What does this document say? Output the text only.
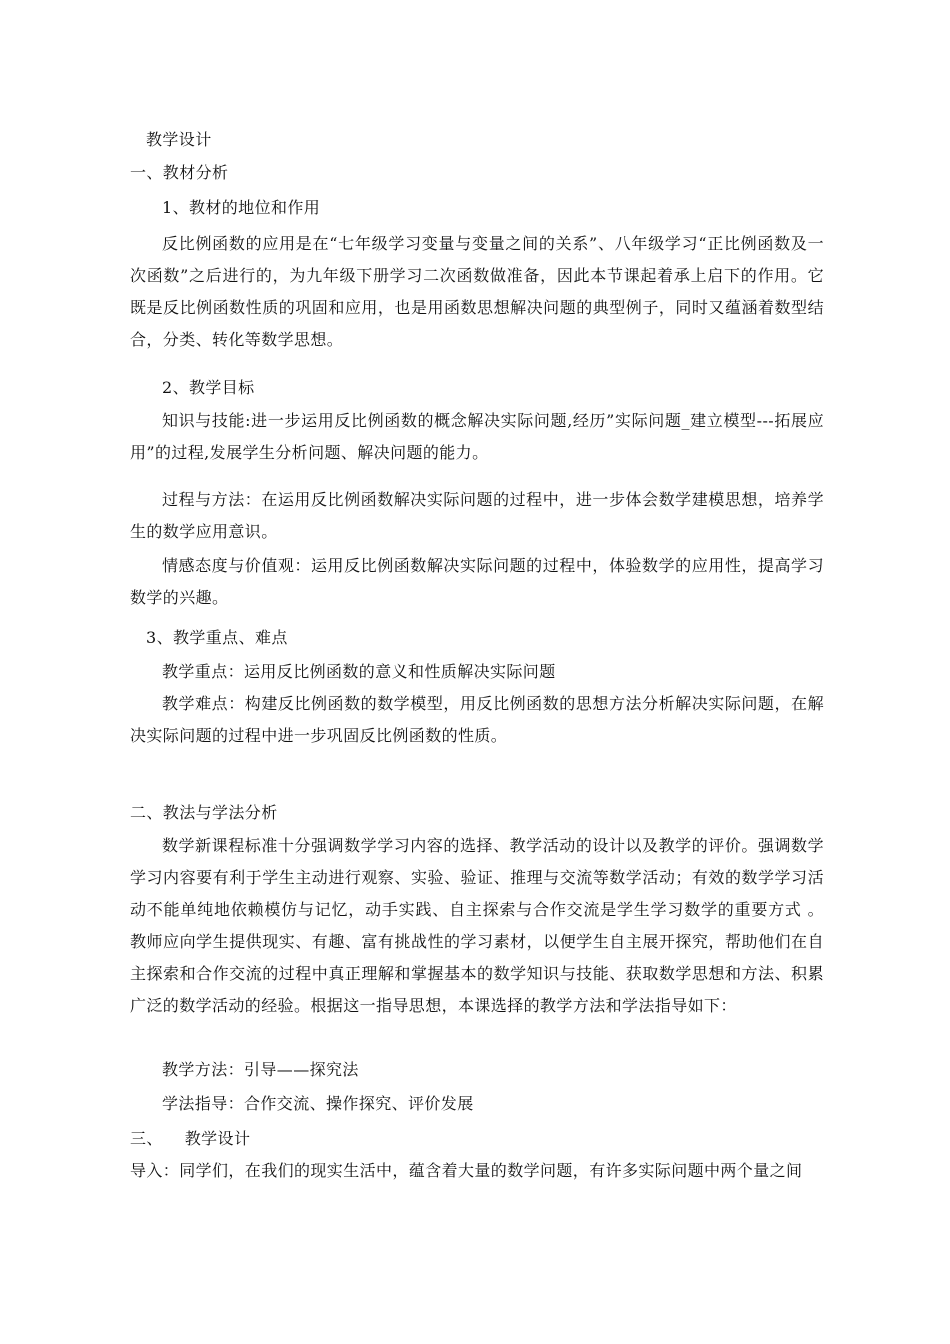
教学设计
一、教材分析
1、教材的地位和作用

反比例函数的应用是在“七年级学习变量与变量之间的关系”、八年级学习“正比例函数及一次函数”之后进行的，为九年级下册学习二次函数做准备，因此本节课起着承上启下的作用。它既是反比例函数性质的巩固和应用，也是用函数思想解决问题的典型例子，同时又蕴涵着数型结合，分类、转化等数学思想。

2、教学目标

知识与技能:进一步运用反比例函数的概念解决实际问题,经历”实际问题_建立模型---拓展应用”的过程,发展学生分析问题、解决问题的能力。

过程与方法：在运用反比例函数解决实际问题的过程中，进一步体会数学建模思想，培养学生的数学应用意识。

情感态度与价值观：运用反比例函数解决实际问题的过程中，体验数学的应用性，提高学习数学的兴趣。

3、教学重点、难点

教学重点：运用反比例函数的意义和性质解决实际问题

教学难点：构建反比例函数的数学模型，用反比例函数的思想方法分析解决实际问题，在解决实际问题的过程中进一步巩固反比例函数的性质。

二、教法与学法分析

数学新课程标准十分强调数学学习内容的选择、教学活动的设计以及教学的评价。强调数学学习内容要有利于学生主动进行观察、实验、验证、推理与交流等数学活动；有效的数学学习活动不能单纯地依赖模仿与记忆，动手实践、自主探索与合作交流是学生学习数学的重要方式 。教师应向学生提供现实、有趣、富有挑战性的学习素材，以便学生自主展开探究，帮助他们在自主探索和合作交流的过程中真正理解和掌握基本的数学知识与技能、获取数学思想和方法、积累广泛的数学活动的经验。根据这一指导思想，本课选择的教学方法和学法指导如下：

教学方法：引导——探究法

学法指导：合作交流、操作探究、评价发展

三、    教学设计
导入：同学们，在我们的现实生活中，蕴含着大量的数学问题，有许多实际问题中两个量之间
